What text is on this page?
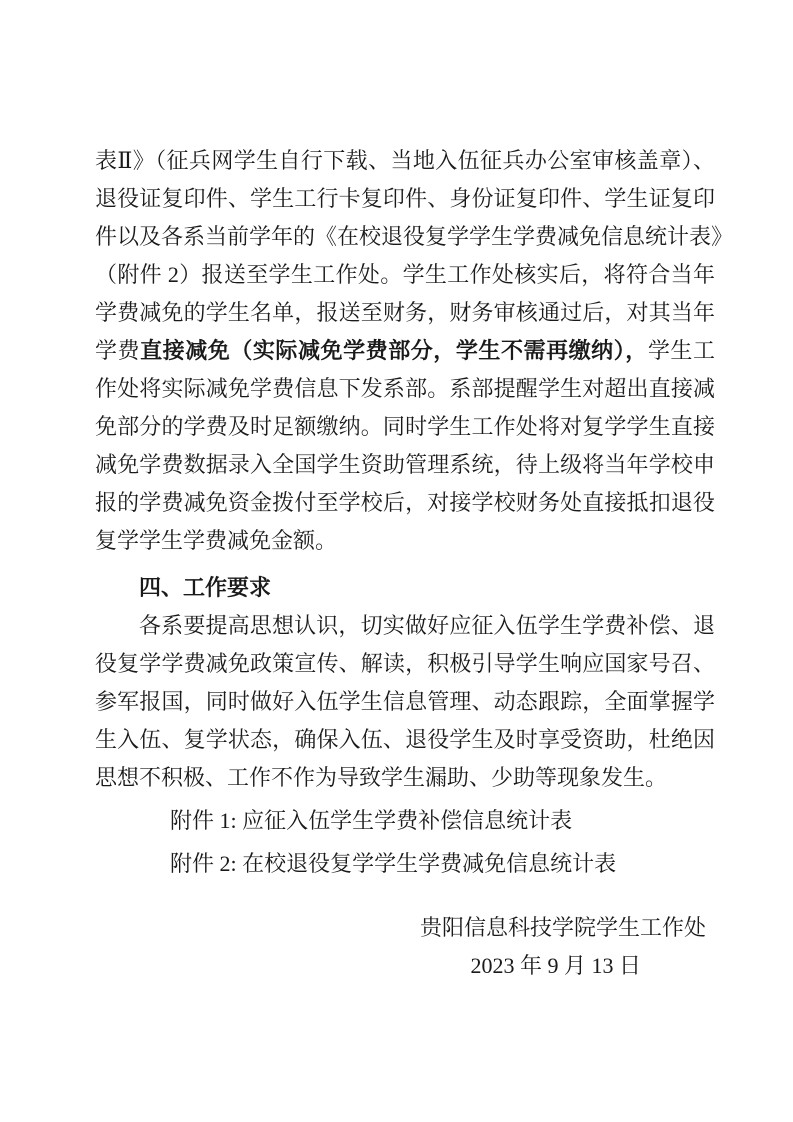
表Ⅱ》（征兵网学生自行下载、当地入伍征兵办公室审核盖章）、
退役证复印件、学生工行卡复印件、身份证复印件、学生证复印
件以及各系当前学年的《在校退役复学学生学费减免信息统计表》
（附件 2）报送至学生工作处。学生工作处核实后，将符合当年
学费减免的学生名单，报送至财务，财务审核通过后，对其当年
学费直接减免（实际减免学费部分，学生不需再缴纳），学生工
作处将实际减免学费信息下发系部。系部提醒学生对超出直接减
免部分的学费及时足额缴纳。同时学生工作处将对复学学生直接
减免学费数据录入全国学生资助管理系统，待上级将当年学校申
报的学费减免资金拨付至学校后，对接学校财务处直接抵扣退役
复学学生学费减免金额。
四、工作要求
各系要提高思想认识，切实做好应征入伍学生学费补偿、退
役复学学费减免政策宣传、解读，积极引导学生响应国家号召、
参军报国，同时做好入伍学生信息管理、动态跟踪，全面掌握学
生入伍、复学状态，确保入伍、退役学生及时享受资助，杜绝因
思想不积极、工作不作为导致学生漏助、少助等现象发生。
附件 1: 应征入伍学生学费补偿信息统计表
附件 2: 在校退役复学学生学费减免信息统计表
贵阳信息科技学院学生工作处
2023 年 9 月 13 日
